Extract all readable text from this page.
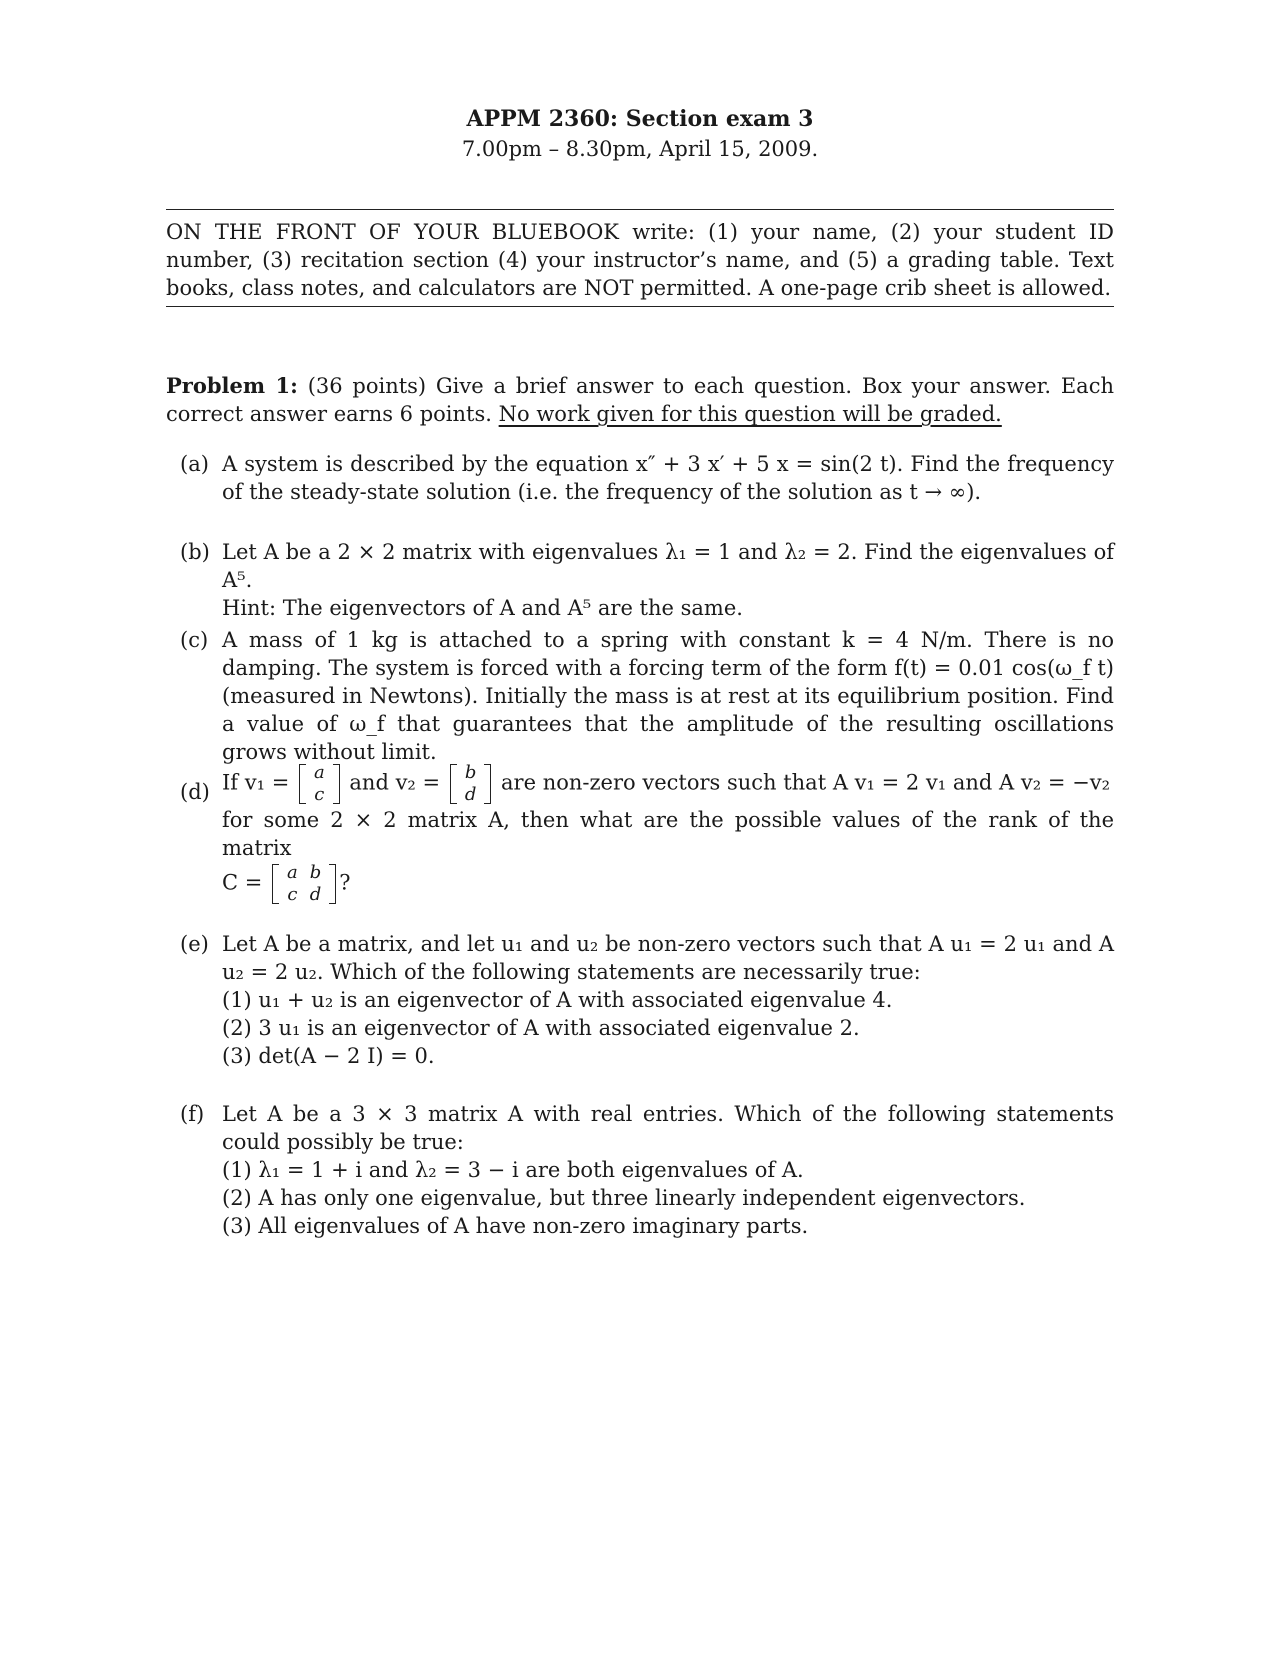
APPM 2360: Section exam 3
7.00pm – 8.30pm, April 15, 2009.
ON THE FRONT OF YOUR BLUEBOOK write: (1) your name, (2) your student ID number, (3) recitation section (4) your instructor’s name, and (5) a grading table. Text books, class notes, and calculators are NOT permitted. A one-page crib sheet is allowed.
Problem 1: (36 points) Give a brief answer to each question. Box your answer. Each correct answer earns 6 points. No work given for this question will be graded.
(a) A system is described by the equation x″ + 3 x′ + 5 x = sin(2 t). Find the frequency of the steady-state solution (i.e. the frequency of the solution as t → ∞).
(b) Let A be a 2 × 2 matrix with eigenvalues λ₁ = 1 and λ₂ = 2. Find the eigenvalues of A⁵.
Hint: The eigenvectors of A and A⁵ are the same.
(c) A mass of 1 kg is attached to a spring with constant k = 4 N/m. There is no damping. The system is forced with a forcing term of the form f(t) = 0.01 cos(ω_f t) (measured in Newtons). Initially the mass is at rest at its equilibrium position. Find a value of ω_f that guarantees that the amplitude of the resulting oscillations grows without limit.
(d) If v₁ = a
c and v₂ = b
d are non-zero vectors such that A v₁ = 2 v₁ and A v₂ = −v₂
for some 2 × 2 matrix A, then what are the possible values of the rank of the matrix
C = a	b
c	d ?
(e) Let A be a matrix, and let u₁ and u₂ be non-zero vectors such that A u₁ = 2 u₁ and A u₂ = 2 u₂. Which of the following statements are necessarily true:
(1) u₁ + u₂ is an eigenvector of A with associated eigenvalue 4.
(2) 3 u₁ is an eigenvector of A with associated eigenvalue 2.
(3) det(A − 2 I) = 0.
(f) Let A be a 3 × 3 matrix A with real entries. Which of the following statements could possibly be true:
(1) λ₁ = 1 + i and λ₂ = 3 − i are both eigenvalues of A.
(2) A has only one eigenvalue, but three linearly independent eigenvectors.
(3) All eigenvalues of A have non-zero imaginary parts.
